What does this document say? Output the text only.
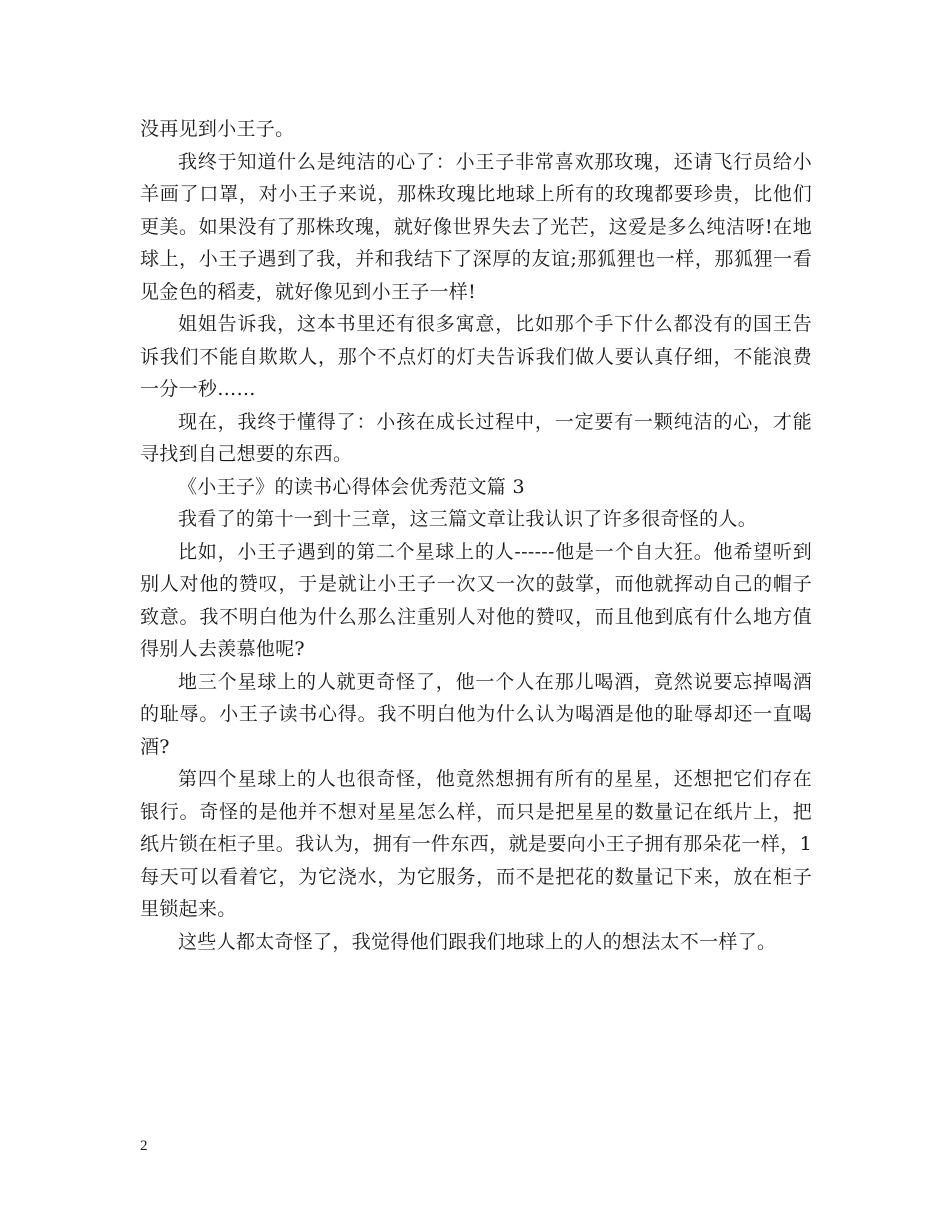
没再见到小王子。

我终于知道什么是纯洁的心了：小王子非常喜欢那玫瑰，还请飞行员给小羊画了口罩，对小王子来说，那株玫瑰比地球上所有的玫瑰都要珍贵，比他们更美。如果没有了那株玫瑰，就好像世界失去了光芒，这爱是多么纯洁呀!在地球上，小王子遇到了我，并和我结下了深厚的友谊;那狐狸也一样，那狐狸一看见金色的稻麦，就好像见到小王子一样!

姐姐告诉我，这本书里还有很多寓意，比如那个手下什么都没有的国王告诉我们不能自欺欺人，那个不点灯的灯夫告诉我们做人要认真仔细，不能浪费一分一秒……

现在，我终于懂得了：小孩在成长过程中，一定要有一颗纯洁的心，才能寻找到自己想要的东西。

《小王子》的读书心得体会优秀范文篇 3

我看了的第十一到十三章，这三篇文章让我认识了许多很奇怪的人。

比如，小王子遇到的第二个星球上的人------他是一个自大狂。他希望听到别人对他的赞叹，于是就让小王子一次又一次的鼓掌，而他就挥动自己的帽子致意。我不明白他为什么那么注重别人对他的赞叹，而且他到底有什么地方值得别人去羡慕他呢?

地三个星球上的人就更奇怪了，他一个人在那儿喝酒，竟然说要忘掉喝酒的耻辱。小王子读书心得。我不明白他为什么认为喝酒是他的耻辱却还一直喝酒?

第四个星球上的人也很奇怪，他竟然想拥有所有的星星，还想把它们存在银行。奇怪的是他并不想对星星怎么样，而只是把星星的数量记在纸片上，把纸片锁在柜子里。我认为，拥有一件东西，就是要向小王子拥有那朵花一样，1 每天可以看着它，为它浇水，为它服务，而不是把花的数量记下来，放在柜子里锁起来。

这些人都太奇怪了，我觉得他们跟我们地球上的人的想法太不一样了。

2
